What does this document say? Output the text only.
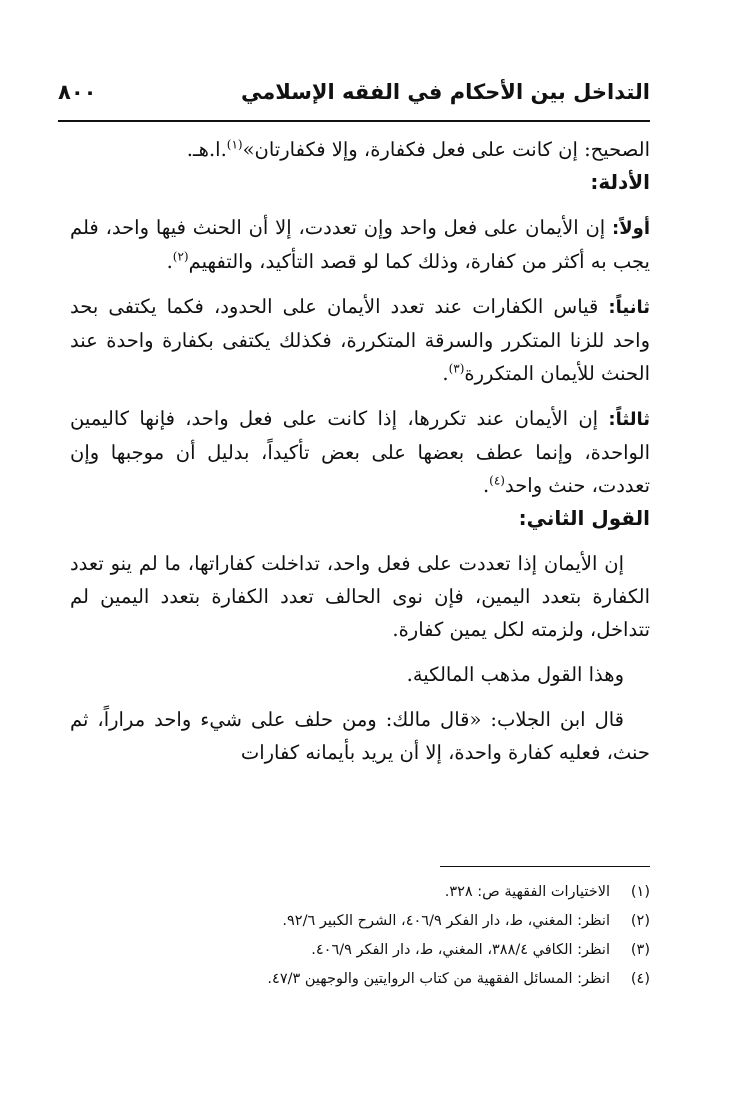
التداخل بين الأحكام في الفقه الإسلامي
٨٠٠

الصحيح: إن كانت على فعل فكفارة، وإلا فكفارتان»$^{(١)}$.ا.هـ.

الأدلة:

أولاً: إن الأيمان على فعل واحد وإن تعددت، إلا أن الحنث فيها واحد، فلم يجب به أكثر من كفارة، وذلك كما لو قصد التأكيد، والتفهيم$^{(٢)}$.

ثانياً: قياس الكفارات عند تعدد الأيمان على الحدود، فكما يكتفى بحد واحد للزنا المتكرر والسرقة المتكررة، فكذلك يكتفى بكفارة واحدة عند الحنث للأيمان المتكررة$^{(٣)}$.

ثالثاً: إن الأيمان عند تكررها، إذا كانت على فعل واحد، فإنها كاليمين الواحدة، وإنما عطف بعضها على بعض تأكيداً، بدليل أن موجبها وإن تعددت، حنث واحد$^{(٤)}$.

القول الثاني:

إن الأيمان إذا تعددت على فعل واحد، تداخلت كفاراتها، ما لم ينو تعدد الكفارة بتعدد اليمين، فإن نوى الحالف تعدد الكفارة بتعدد اليمين لم تتداخل، ولزمته لكل يمين كفارة.

وهذا القول مذهب المالكية.

قال ابن الجلاب: «قال مالك: ومن حلف على شيء واحد مراراً، ثم حنث، فعليه كفارة واحدة، إلا أن يريد بأيمانه كفارات

(١)الاختيارات الفقهية ص: ٣٢٨.

(٢)انظر: المغني، ط، دار الفكر ٤٠٦/٩، الشرح الكبير ٩٢/٦.

(٣)انظر: الكافي ٣٨٨/٤، المغني، ط، دار الفكر ٤٠٦/٩.

(٤)انظر: المسائل الفقهية من كتاب الروايتين والوجهين ٤٧/٣.
